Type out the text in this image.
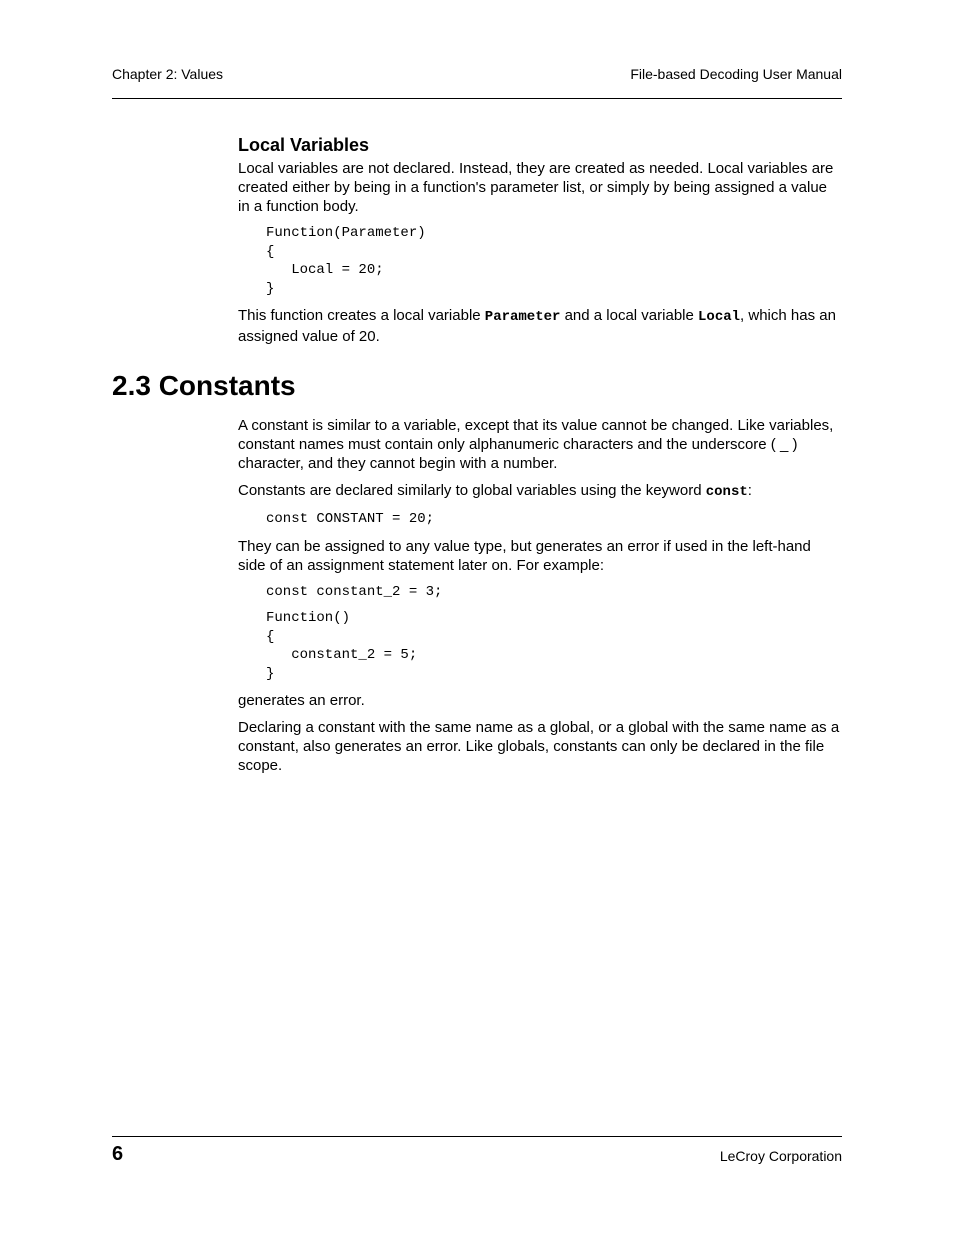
Chapter 2: Values	File-based Decoding User Manual
Local Variables

Local variables are not declared. Instead, they are created as needed. Local variables are created either by being in a function's parameter list, or simply by being assigned a value in a function body.

Function(Parameter)
{
Local = 20;
}

This function creates a local variable Parameter and a local variable Local, which has an assigned value of 20.

2.3 Constants

A constant is similar to a variable, except that its value cannot be changed. Like variables, constant names must contain only alphanumeric characters and the underscore ( _ ) character, and they cannot begin with a number.

Constants are declared similarly to global variables using the keyword const:

const CONSTANT = 20;

They can be assigned to any value type, but generates an error if used in the left-hand side of an assignment statement later on. For example:

const constant_2 = 3;
Function()
{
constant_2 = 5;
}

generates an error.

Declaring a constant with the same name as a global, or a global with the same name as a constant, also generates an error. Like globals, constants can only be declared in the file scope.

6	LeCroy Corporation
